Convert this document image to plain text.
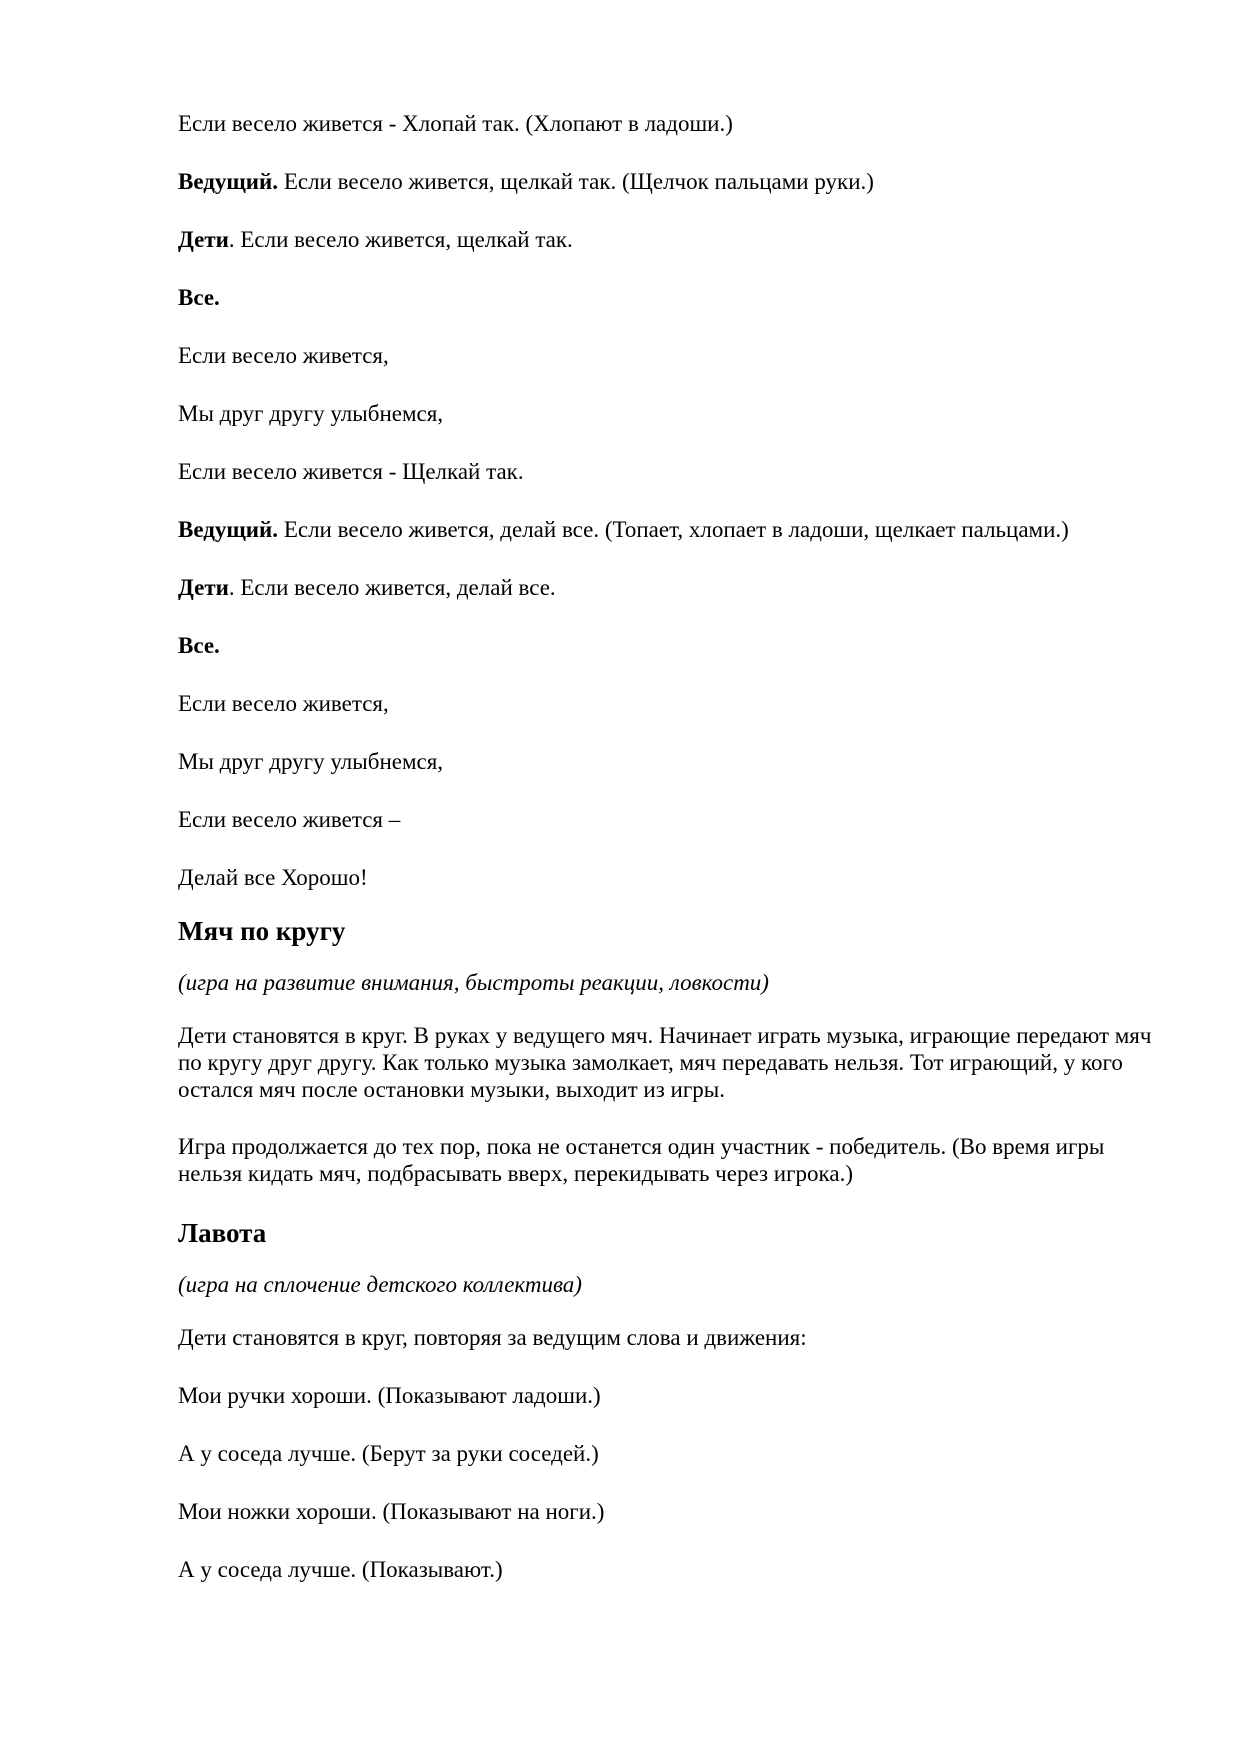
Если весело живется - Хлопай так. (Хлопают в ладоши.)

Ведущий. Если весело живется, щелкай так. (Щелчок пальцами руки.)

Дети. Если весело живется, щелкай так.

Все.

Если весело живется,

Мы друг другу улыбнемся,

Если весело живется - Щелкай так.

Ведущий. Если весело живется, делай все. (Топает, хлопает в ладоши, щелкает пальцами.)

Дети. Если весело живется, делай все.

Все.

Если весело живется,

Мы друг другу улыбнемся,

Если весело живется –

Делай все Хорошо!

Мяч по кругу

(игра на развитие внимания, быстроты реакции, ловкости)

Дети становятся в круг. В руках у ведущего мяч. Начинает играть музыка, играющие передают мяч по кругу друг другу. Как только музыка замолкает, мяч передавать нельзя. Тот играющий, у кого остался мяч после остановки музыки, выходит из игры.

Игра продолжается до тех пор, пока не останется один участник - победитель. (Во время игры нельзя кидать мяч, подбрасывать вверх, перекидывать через игрока.)

Лавота

(игра на сплочение детского коллектива)

Дети становятся в круг, повторяя за ведущим слова и движения:

Мои ручки хороши. (Показывают ладоши.)

А у соседа лучше. (Берут за руки соседей.)

Мои ножки хороши. (Показывают на ноги.)

А у соседа лучше. (Показывают.)
